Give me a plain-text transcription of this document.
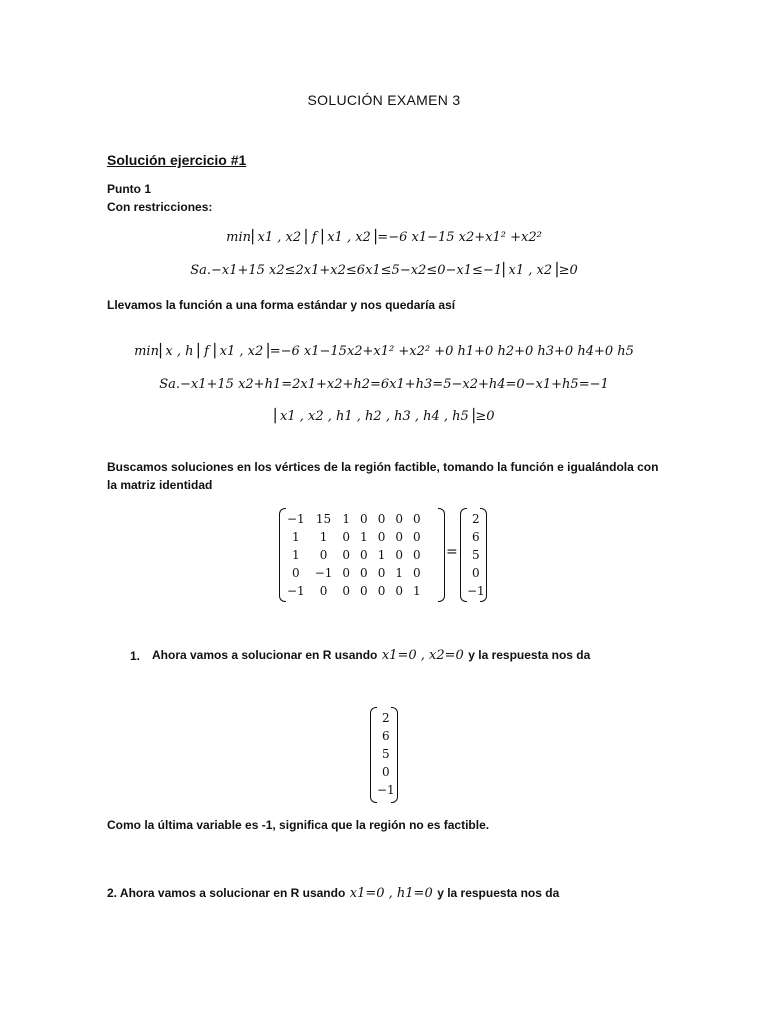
SOLUCIÓN EXAMEN 3
Solución ejercicio #1
Punto 1
Con restricciones:
min⎜x1 , x2⎟ f ⎜x1 , x2⎟=−6 x1−15 x2+x1² +x2²
Sa.−x1+15 x2≤2x1+x2≤6x1≤5−x2≤0−x1≤−1⎜x1 , x2⎟≥0
Llevamos la función a una forma estándar y nos quedaría así
min⎜x , h⎟ f ⎜x1 , x2⎟=−6 x1−15x2+x1² +x2² +0 h1+0 h2+0 h3+0 h4+0 h5
Sa.−x1+15 x2+h1=2x1+x2+h2=6x1+h3=5−x2+h4=0−x1+h5=−1
⎜x1 , x2 , h1 , h2 , h3 , h4 , h5⎟≥0
Buscamos soluciones en los vértices de la región factible, tomando la función e igualándola con la matriz identidad
−1	15	1	0	0	0	0
1	1	0	1	0	0	0
1	0	0	0	1	0	0
0	−1	0	0	0	1	0
−1	0	0	0	0	0	1
=
2
6
5
0
−1
1. Ahora vamos a solucionar en R usando x1=0 , x2=0 y la respuesta nos da
2
6
5
0
−1
Como la última variable es -1, significa que la región no es factible.
2. Ahora vamos a solucionar en R usando x1=0 , h1=0 y la respuesta nos da
